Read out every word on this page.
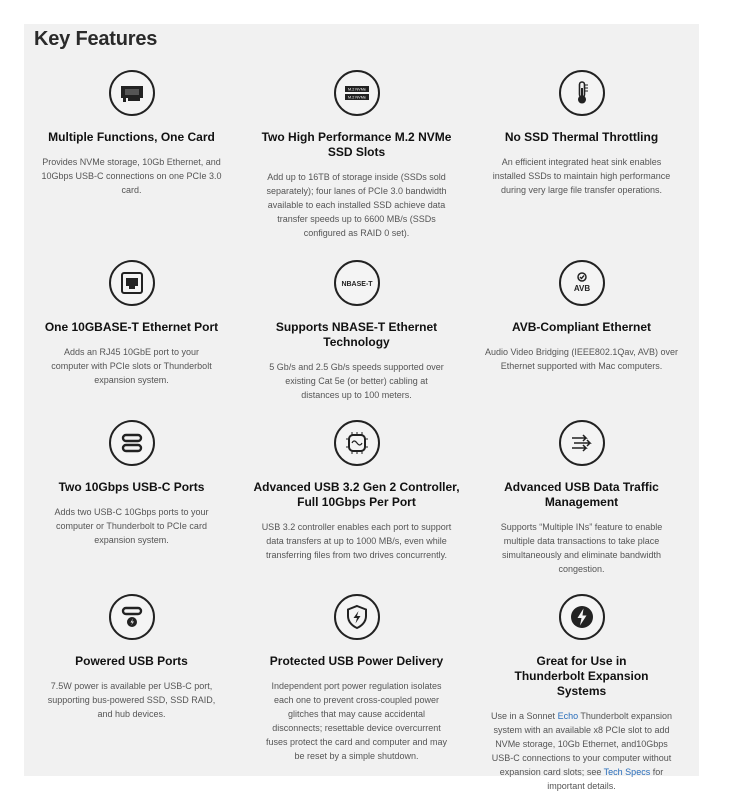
Key Features
Multiple Functions, One Card
Provides NVMe storage, 10Gb Ethernet, and 10Gbps USB-C connections on one PCIe 3.0 card.
M.2 NVMe
M.2 NVMe
Two High Performance M.2 NVMe SSD Slots
Add up to 16TB of storage inside (SSDs sold separately); four lanes of PCIe 3.0 bandwidth available to each installed SSD achieve data transfer speeds up to 6600 MB/s (SSDs configured as RAID 0 set).
No SSD Thermal Throttling
An efficient integrated heat sink enables installed SSDs to maintain high performance during very large file transfer operations.
One 10GBASE-T Ethernet Port
Adds an RJ45 10GbE port to your computer with PCIe slots or Thunderbolt expansion system.
NBASE-T
Supports NBASE-T Ethernet Technology
5 Gb/s and 2.5 Gb/s speeds supported over existing Cat 5e (or better) cabling at distances up to 100 meters.
AVB
AVB-Compliant Ethernet
Audio Video Bridging (IEEE802.1Qav, AVB) over Ethernet supported with Mac computers.
Two 10Gbps USB-C Ports
Adds two USB-C 10Gbps ports to your computer or Thunderbolt to PCIe card expansion system.
Advanced USB 3.2 Gen 2 Controller, Full 10Gbps Per Port
USB 3.2 controller enables each port to support data transfers at up to 1000 MB/s, even while transferring files from two drives concurrently.
Advanced USB Data Traffic Management
Supports “Multiple INs” feature to enable multiple data transactions to take place simultaneously and eliminate bandwidth congestion.
Powered USB Ports
7.5W power is available per USB-C port, supporting bus-powered SSD, SSD RAID, and hub devices.
Protected USB Power Delivery
Independent port power regulation isolates each one to prevent cross-coupled power glitches that may cause accidental disconnects; resettable device overcurrent fuses protect the card and computer and may be reset by a simple shutdown.
Great for Use in Thunderbolt Expansion Systems
Use in a Sonnet Echo Thunderbolt expansion system with an available x8 PCIe slot to add NVMe storage, 10Gb Ethernet, and10Gbps USB-C connections to your computer without expansion card slots; see Tech Specs for important details.
